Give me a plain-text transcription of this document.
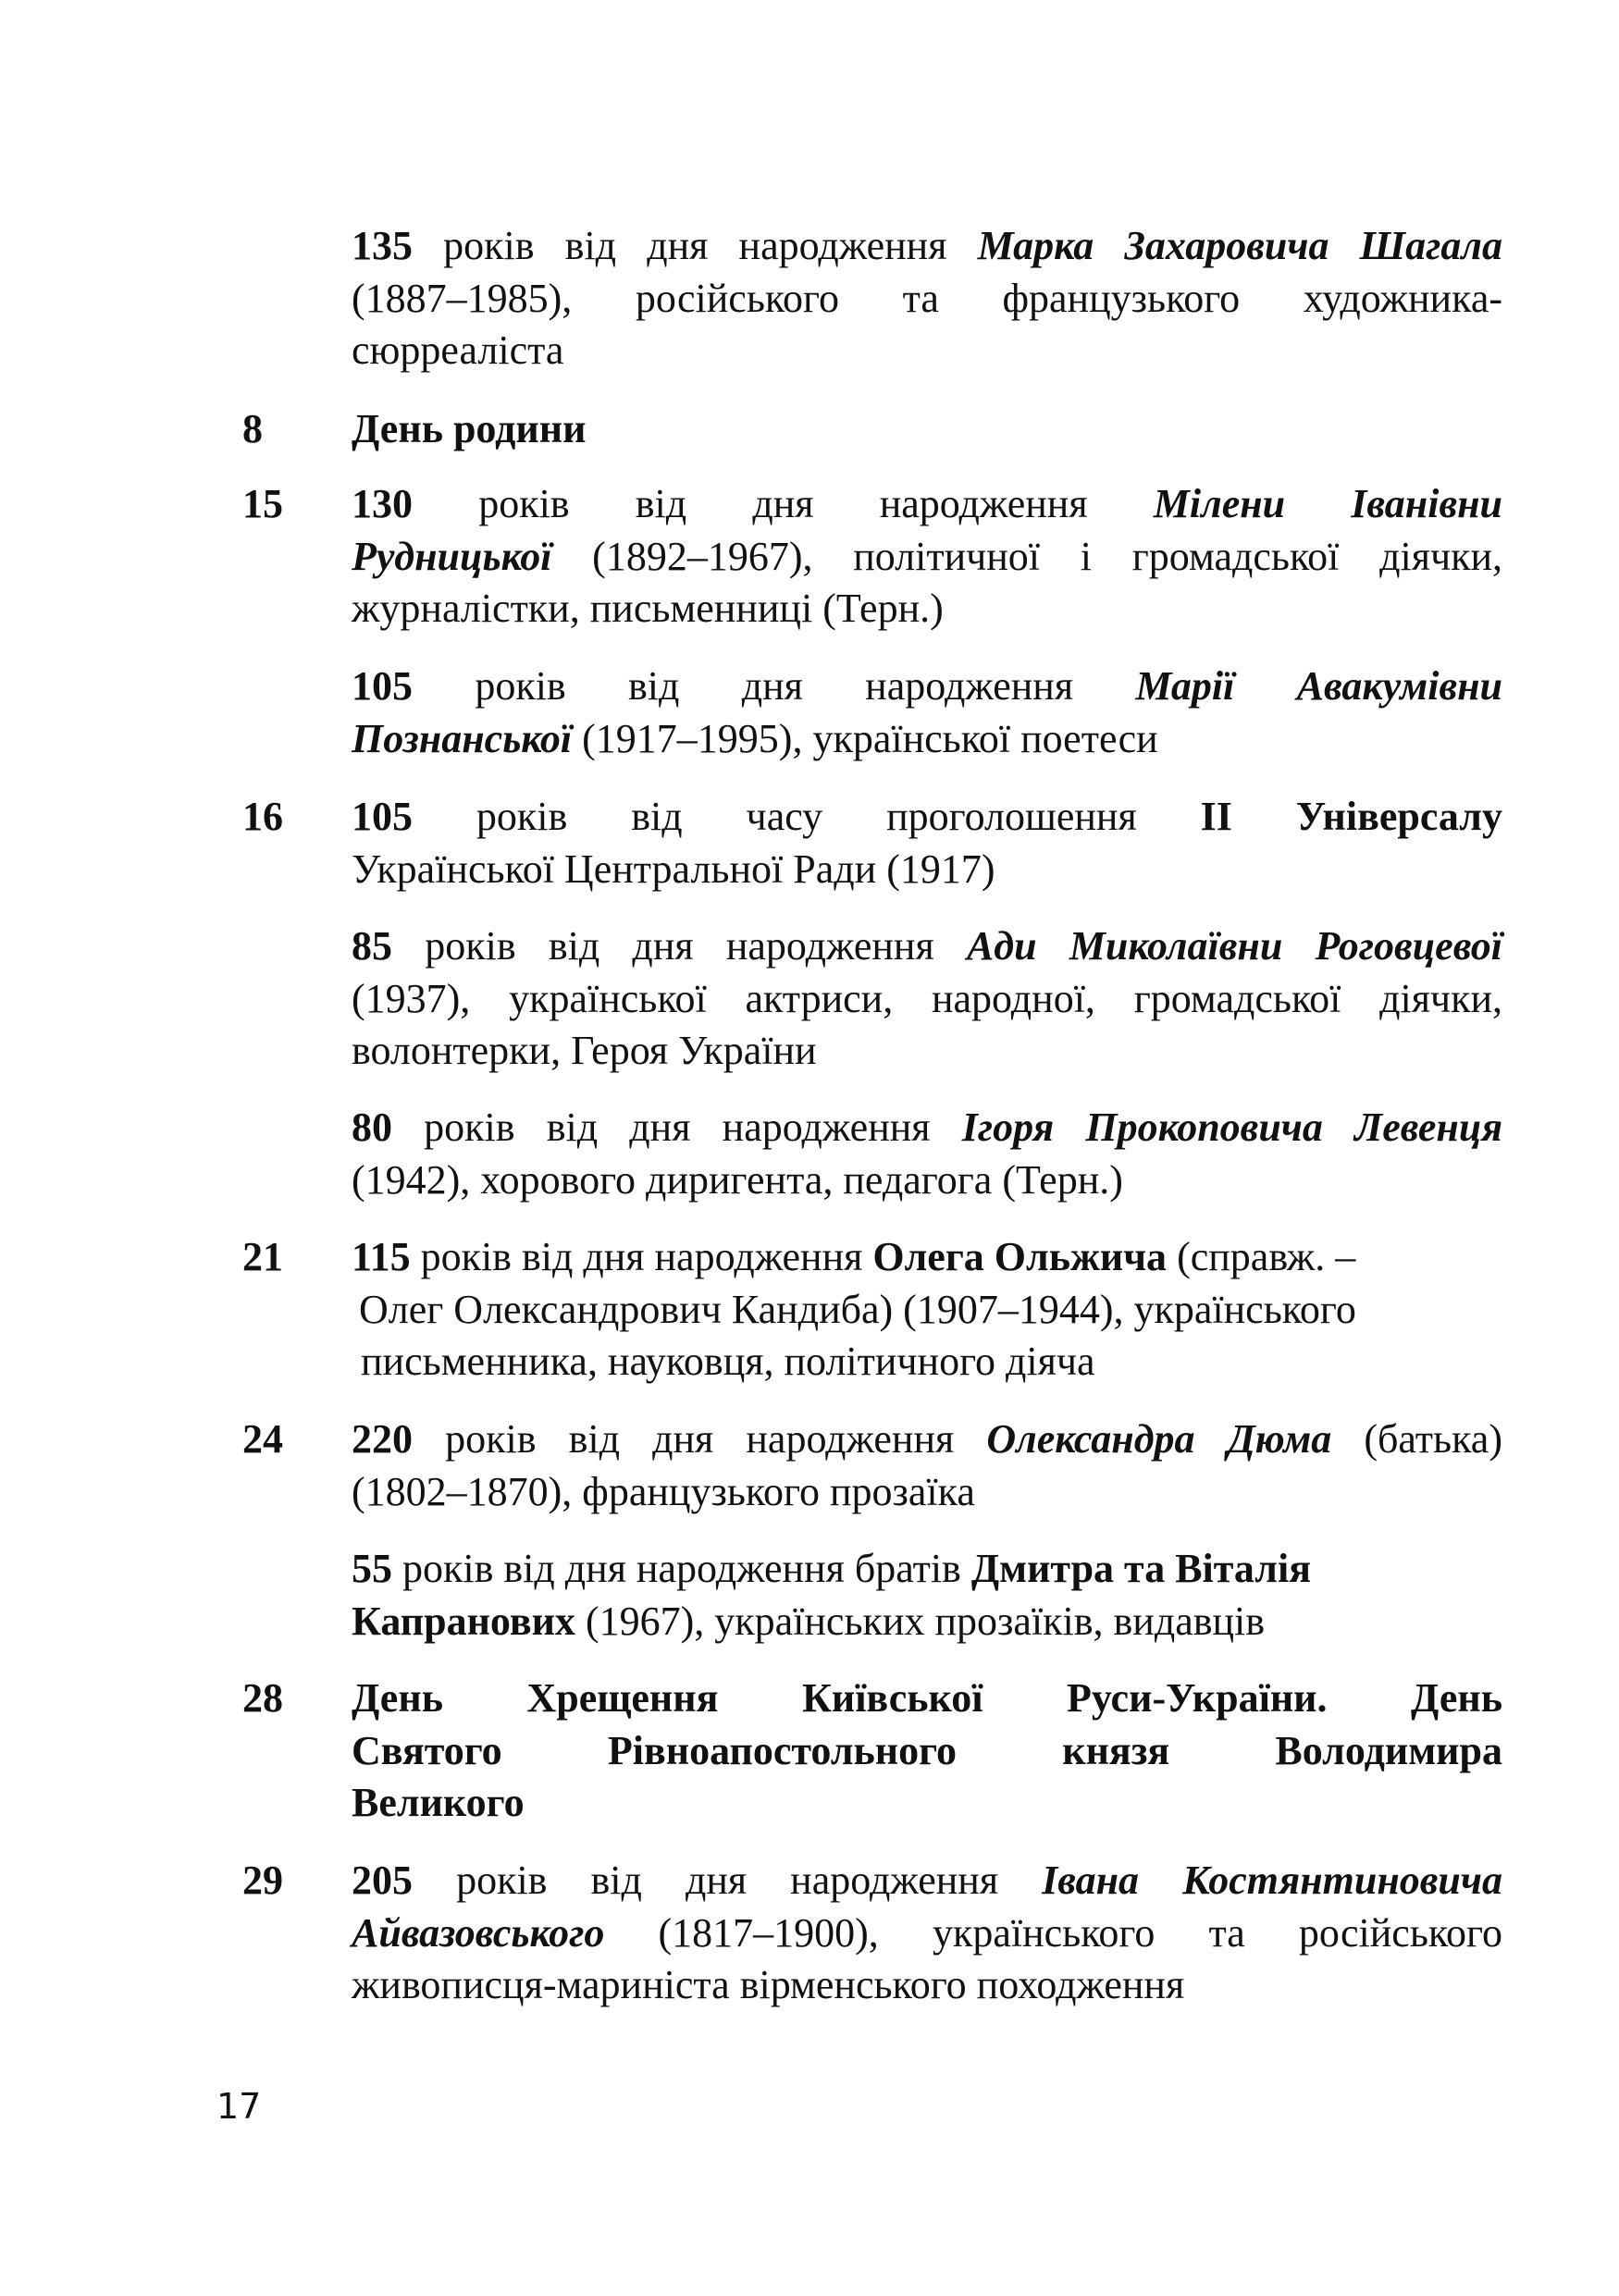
135 років від дня народження Марка Захаровича Шагала
(1887–1985), російського та французького художника-
сюрреаліста
8 День родини
15 130 років від дня народження Мілени Іванівни
Рудницької (1892–1967), політичної і громадської діячки,
журналістки, письменниці (Терн.)
105 років від дня народження Марії Авакумівни
Познанської (1917–1995), української поетеси
16 105 років від часу проголошення ІІ Універсалу
Української Центральної Ради (1917)
85 років від дня народження Ади Миколаївни Роговцевої
(1937), української актриси, народної, громадської діячки,
волонтерки, Героя України
80 років від дня народження Ігоря Прокоповича Левенця
(1942), хорового диригента, педагога (Терн.)
21 115 років від дня народження Олега Ольжича (справж. –
Олег Олександрович Кандиба) (1907–1944), українського
письменника, науковця, політичного діяча
24 220 років від дня народження Олександра Дюма (батька)
(1802–1870), французького прозаїка
55 років від дня народження братів Дмитра та Віталія
Капранових (1967), українських прозаїків, видавців
28 День Хрещення Київської Руси-України. День
Святого Рівноапостольного князя Володимира
Великого
29 205 років від дня народження Івана Костянтиновича
Айвазовського (1817–1900), українського та російського
живописця-мариніста вірменського походження
17
